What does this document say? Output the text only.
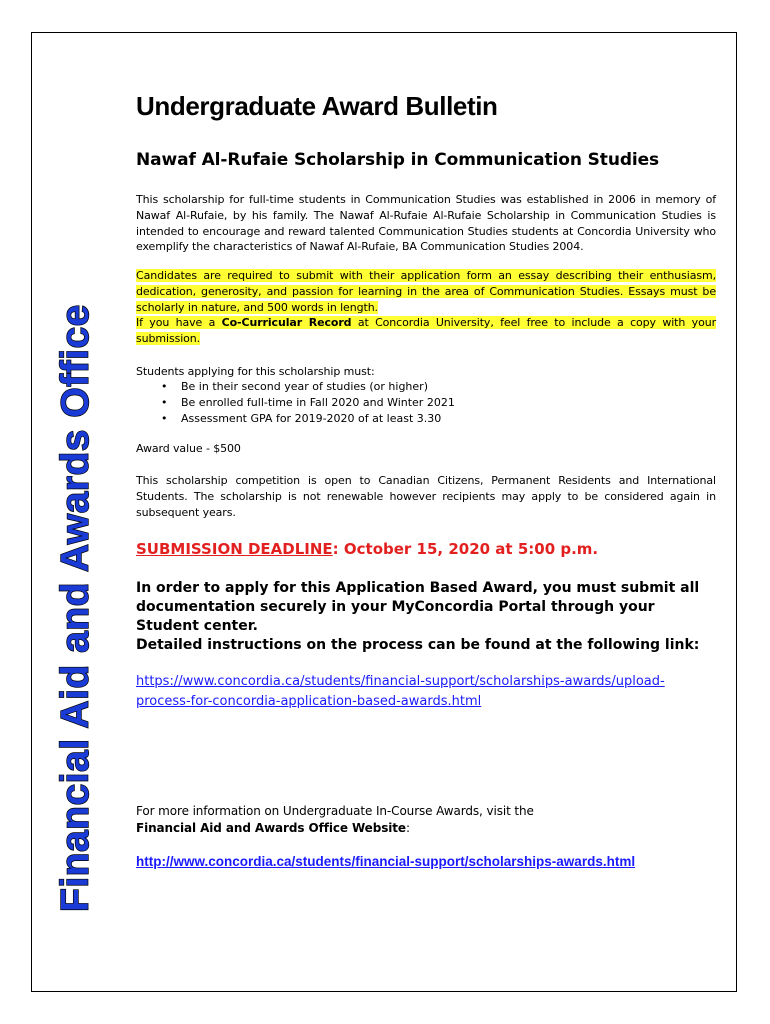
Financial Aid and Awards Office
Undergraduate Award Bulletin
Nawaf Al-Rufaie Scholarship in Communication Studies

This scholarship for full-time students in Communication Studies was established in 2006 in memory of Nawaf Al-Rufaie, by his family. The Nawaf Al-Rufaie Al-Rufaie Scholarship in Communication Studies is intended to encourage and reward talented Communication Studies students at Concordia University who exemplify the characteristics of Nawaf Al-Rufaie, BA Communication Studies 2004.

Candidates are required to submit with their application form an essay describing their enthusiasm, dedication, generosity, and passion for learning in the area of Communication Studies. Essays must be scholarly in nature, and 500 words in length.
If you have a Co-Curricular Record at Concordia University, feel free to include a copy with your submission.

Students applying for this scholarship must:

• Be in their second year of studies (or higher)
• Be enrolled full-time in Fall 2020 and Winter 2021
• Assessment GPA for 2019-2020 of at least 3.30

Award value - $500

This scholarship competition is open to Canadian Citizens, Permanent Residents and International Students. The scholarship is not renewable however recipients may apply to be considered again in subsequent years.

SUBMISSION DEADLINE: October 15, 2020 at 5:00 p.m.

In order to apply for this Application Based Award, you must submit all documentation securely in your MyConcordia Portal through your Student center.
Detailed instructions on the process can be found at the following link:
https://www.concordia.ca/students/financial-support/scholarships-awards/upload-process-for-concordia-application-based-awards.html

For more information on Undergraduate In-Course Awards, visit the
Financial Aid and Awards Office Website:

http://www.concordia.ca/students/financial-support/scholarships-awards.html
